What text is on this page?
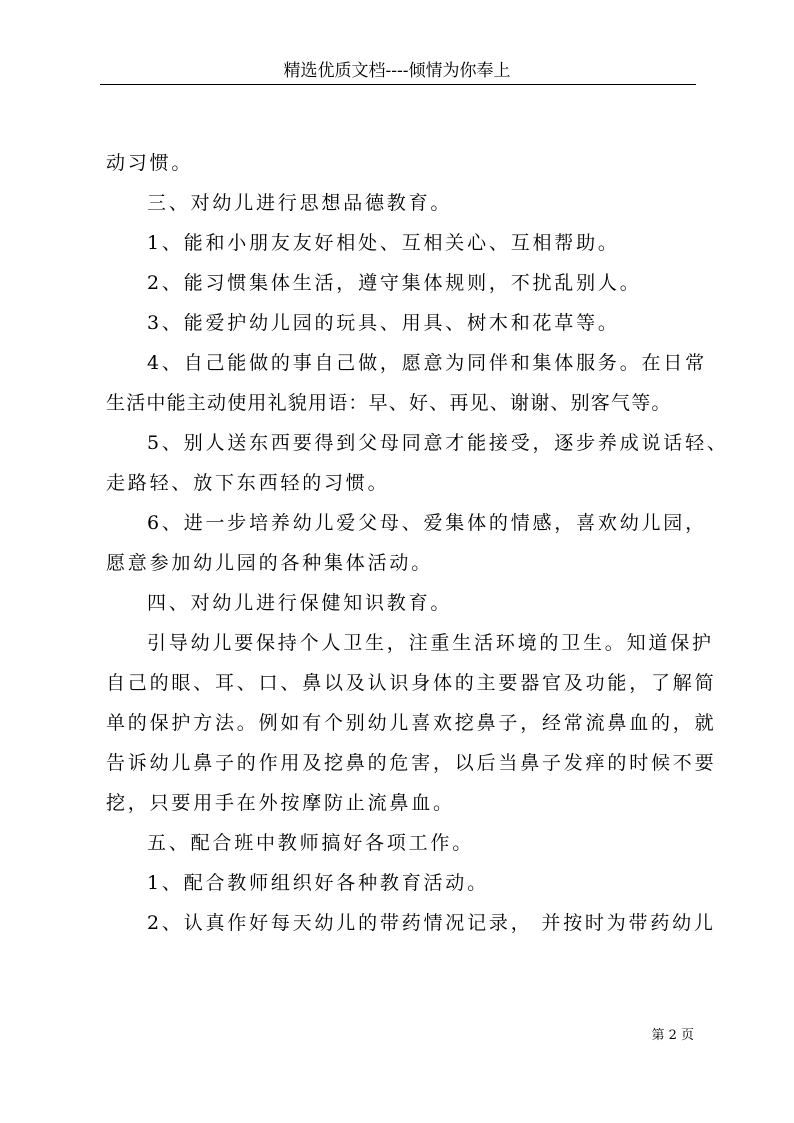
精选优质文档----倾情为你奉上
动习惯。
三、对幼儿进行思想品德教育。
1、能和小朋友友好相处、互相关心、互相帮助。
2、能习惯集体生活，遵守集体规则，不扰乱别人。
3、能爱护幼儿园的玩具、用具、树木和花草等。
4、自己能做的事自己做，愿意为同伴和集体服务。在日常
生活中能主动使用礼貌用语：早、好、再见、谢谢、别客气等。
5、别人送东西要得到父母同意才能接受，逐步养成说话轻、
走路轻、放下东西轻的习惯。
6、进一步培养幼儿爱父母、爱集体的情感，喜欢幼儿园，
愿意参加幼儿园的各种集体活动。
四、对幼儿进行保健知识教育。
引导幼儿要保持个人卫生，注重生活环境的卫生。知道保护
自己的眼、耳、口、鼻以及认识身体的主要器官及功能，了解简
单的保护方法。例如有个别幼儿喜欢挖鼻子，经常流鼻血的，就
告诉幼儿鼻子的作用及挖鼻的危害，以后当鼻子发痒的时候不要
挖，只要用手在外按摩防止流鼻血。
五、配合班中教师搞好各项工作。
1、配合教师组织好各种教育活动。
2、认真作好每天幼儿的带药情况记录， 并按时为带药幼儿
第 2 页
